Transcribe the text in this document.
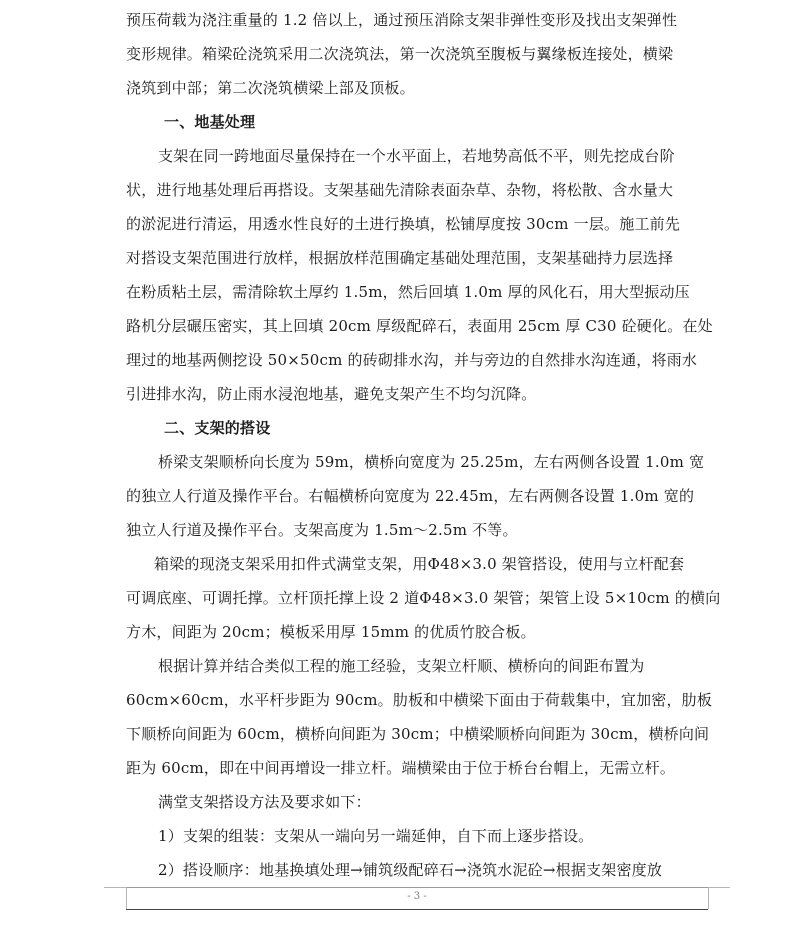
预压荷载为浇注重量的 1.2 倍以上，通过预压消除支架非弹性变形及找出支架弹性
变形规律。箱梁砼浇筑采用二次浇筑法，第一次浇筑至腹板与翼缘板连接处，横梁
浇筑到中部；第二次浇筑横梁上部及顶板。
一、地基处理
支架在同一跨地面尽量保持在一个水平面上，若地势高低不平，则先挖成台阶
状，进行地基处理后再搭设。支架基础先清除表面杂草、杂物，将松散、含水量大
的淤泥进行清运，用透水性良好的土进行换填，松铺厚度按 30cm 一层。施工前先
对搭设支架范围进行放样，根据放样范围确定基础处理范围，支架基础持力层选择
在粉质粘土层，需清除软土厚约 1.5m，然后回填 1.0m 厚的风化石，用大型振动压
路机分层碾压密实，其上回填 20cm 厚级配碎石，表面用 25cm 厚 C30 砼硬化。在处
理过的地基两侧挖设 50×50cm 的砖砌排水沟，并与旁边的自然排水沟连通，将雨水
引进排水沟，防止雨水浸泡地基，避免支架产生不均匀沉降。
二、支架的搭设
桥梁支架顺桥向长度为 59m，横桥向宽度为 25.25m，左右两侧各设置 1.0m 宽
的独立人行道及操作平台。右幅横桥向宽度为 22.45m，左右两侧各设置 1.0m 宽的
独立人行道及操作平台。支架高度为 1.5m～2.5m 不等。
箱梁的现浇支架采用扣件式满堂支架，用Φ48×3.0 架管搭设，使用与立杆配套
可调底座、可调托撑。立杆顶托撑上设 2 道Φ48×3.0 架管；架管上设 5×10cm 的横向
方木，间距为 20cm；模板采用厚 15mm 的优质竹胶合板。
根据计算并结合类似工程的施工经验，支架立杆顺、横桥向的间距布置为
60cm×60cm，水平杆步距为 90cm。肋板和中横梁下面由于荷载集中，宜加密，肋板
下顺桥向间距为 60cm，横桥向间距为 30cm；中横梁顺桥向间距为 30cm，横桥向间
距为 60cm，即在中间再增设一排立杆。端横梁由于位于桥台台帽上，无需立杆。
满堂支架搭设方法及要求如下：
1）支架的组装：支架从一端向另一端延伸，自下而上逐步搭设。
2）搭设顺序：地基换填处理→铺筑级配碎石→浇筑水泥砼→根据支架密度放
- 3 -
